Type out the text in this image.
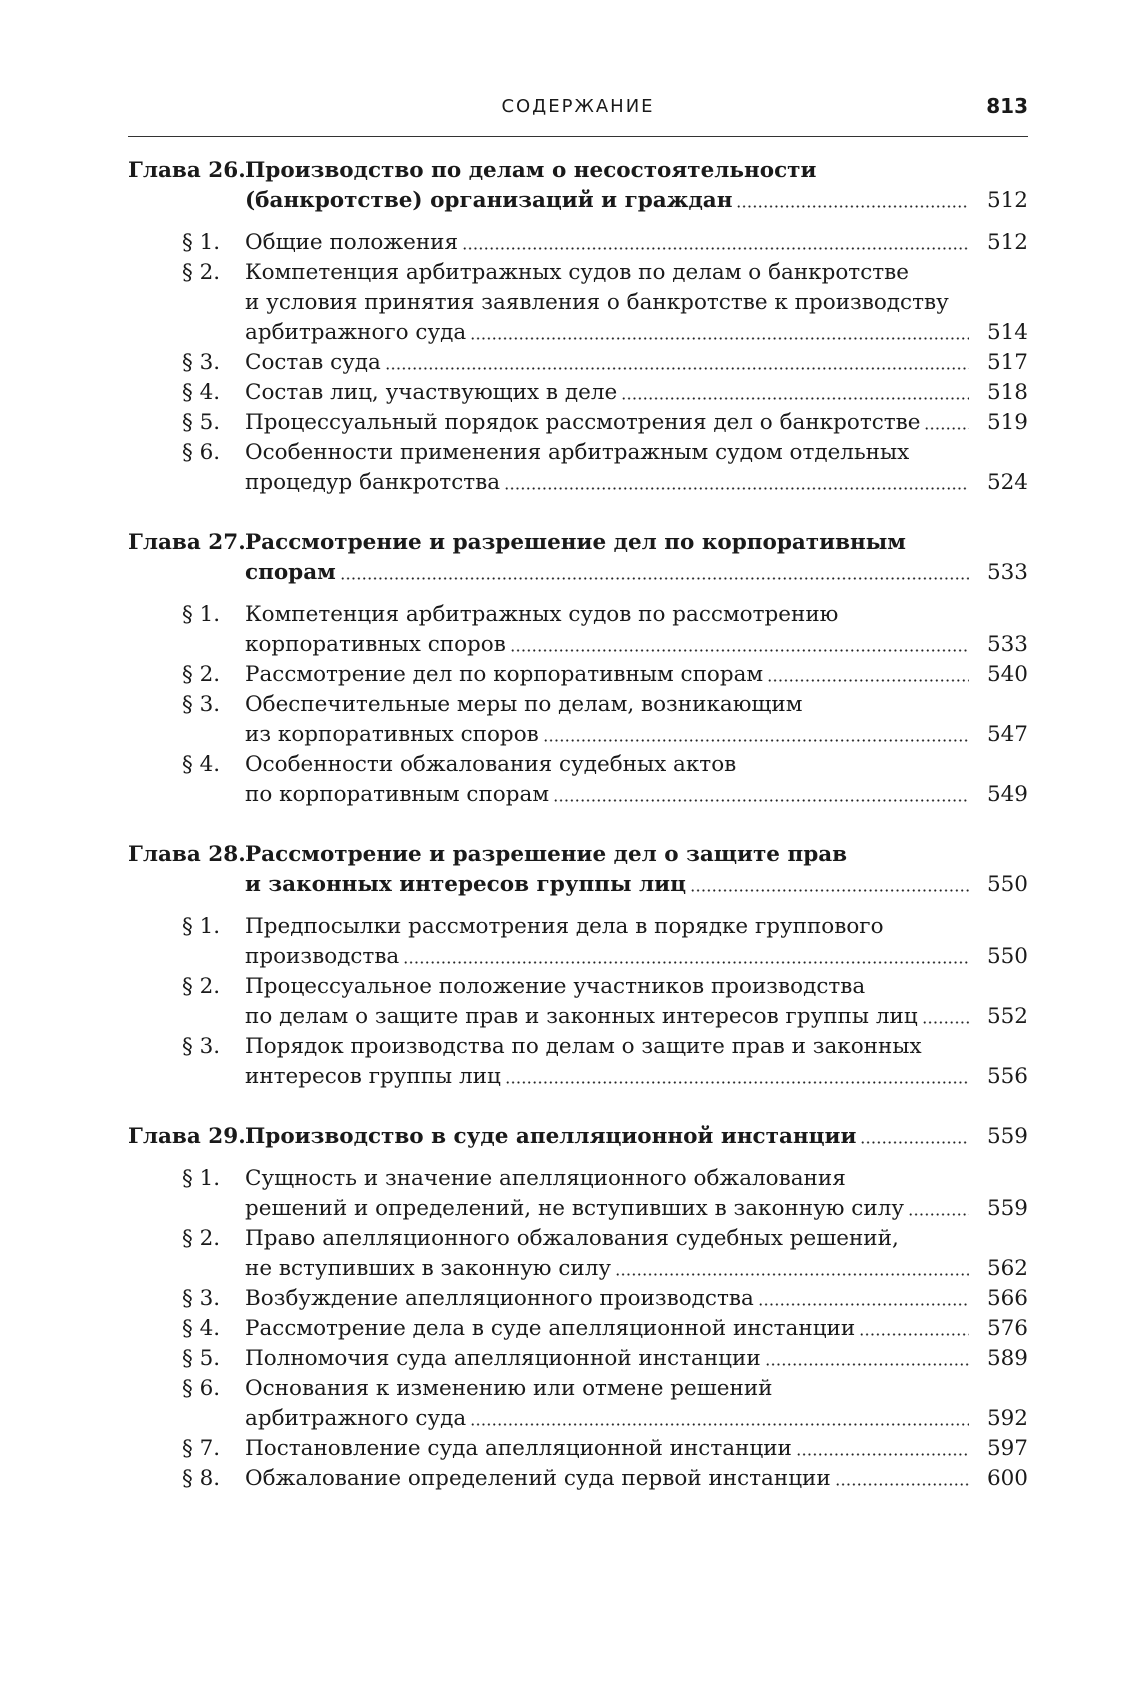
СОДЕРЖАНИЕ	813
Глава 26. Производство по делам о несостоятельности
(банкротстве) организаций и граждан	512
§ 1.	Общие положения	512
§ 2.	Компетенция арбитражных судов по делам о банкротстве
и условия принятия заявления о банкротстве к производству
арбитражного суда	514
§ 3.	Состав суда	517
§ 4.	Состав лиц, участвующих в деле	518
§ 5.	Процессуальный порядок рассмотрения дел о банкротстве	519
§ 6.	Особенности применения арбитражным судом отдельных
процедур банкротства	524
Глава 27. Рассмотрение и разрешение дел по корпоративным
спорам	533
§ 1.	Компетенция арбитражных судов по рассмотрению
корпоративных споров	533
§ 2.	Рассмотрение дел по корпоративным спорам	540
§ 3.	Обеспечительные меры по делам, возникающим
из корпоративных споров	547
§ 4.	Особенности обжалования судебных актов
по корпоративным спорам	549
Глава 28. Рассмотрение и разрешение дел о защите прав
и законных интересов группы лиц	550
§ 1.	Предпосылки рассмотрения дела в порядке группового
производства	550
§ 2.	Процессуальное положение участников производства
по делам о защите прав и законных интересов группы лиц	552
§ 3.	Порядок производства по делам о защите прав и законных
интересов группы лиц	556
Глава 29. Производство в суде апелляционной инстанции	559
§ 1.	Сущность и значение апелляционного обжалования
решений и определений, не вступивших в законную силу	559
§ 2.	Право апелляционного обжалования судебных решений,
не вступивших в законную силу	562
§ 3.	Возбуждение апелляционного производства	566
§ 4.	Рассмотрение дела в суде апелляционной инстанции	576
§ 5.	Полномочия суда апелляционной инстанции	589
§ 6.	Основания к изменению или отмене решений
арбитражного суда	592
§ 7.	Постановление суда апелляционной инстанции	597
§ 8.	Обжалование определений суда первой инстанции	600
